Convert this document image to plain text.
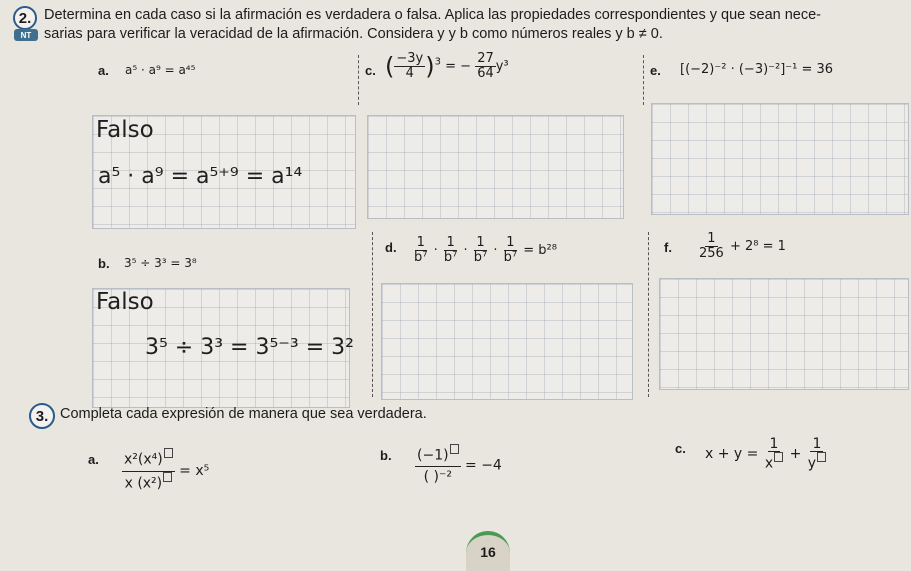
2.
NT
Determina en cada caso si la afirmación es verdadera o falsa. Aplica las propiedades correspondientes y que sean nece-
sarias para verificar la veracidad de la afirmación. Considera y y b como números reales y b ≠ 0.
a. a⁵ · a⁹ = a⁴⁵	c. ( $\frac{-3y}{4} )^3$ = − $\frac{27}{64} y^3$	e. [(−2)⁻² · (−3)⁻²]⁻¹ = 36
Falso
a⁵ · a⁹ = a⁵⁺⁹ = a¹⁴
b. 3⁵ ÷ 3³ = 3⁸
d. $\frac{1}{\text{b⁷}} \cdot \frac{1}{\text{b⁷}} \cdot \frac{1}{\text{b⁷}} \cdot \frac{1}{\text{b⁷}} = b^{28}$	f. $\frac{1}{256} + 2^8 = 1$
Falso
3⁵ ÷ 3³ = 3⁵⁻³ = 3²
3. Completa cada expresión de manera que sea verdadera.
a. $\frac{\text{x²(x⁴)}}{\text{x (x²)}} = x^5$
b. $\frac{(-1)}{\text{( )⁻²}} = -4$
c. $x + y = \frac{1}{x} + \frac{1}{y}$
16
